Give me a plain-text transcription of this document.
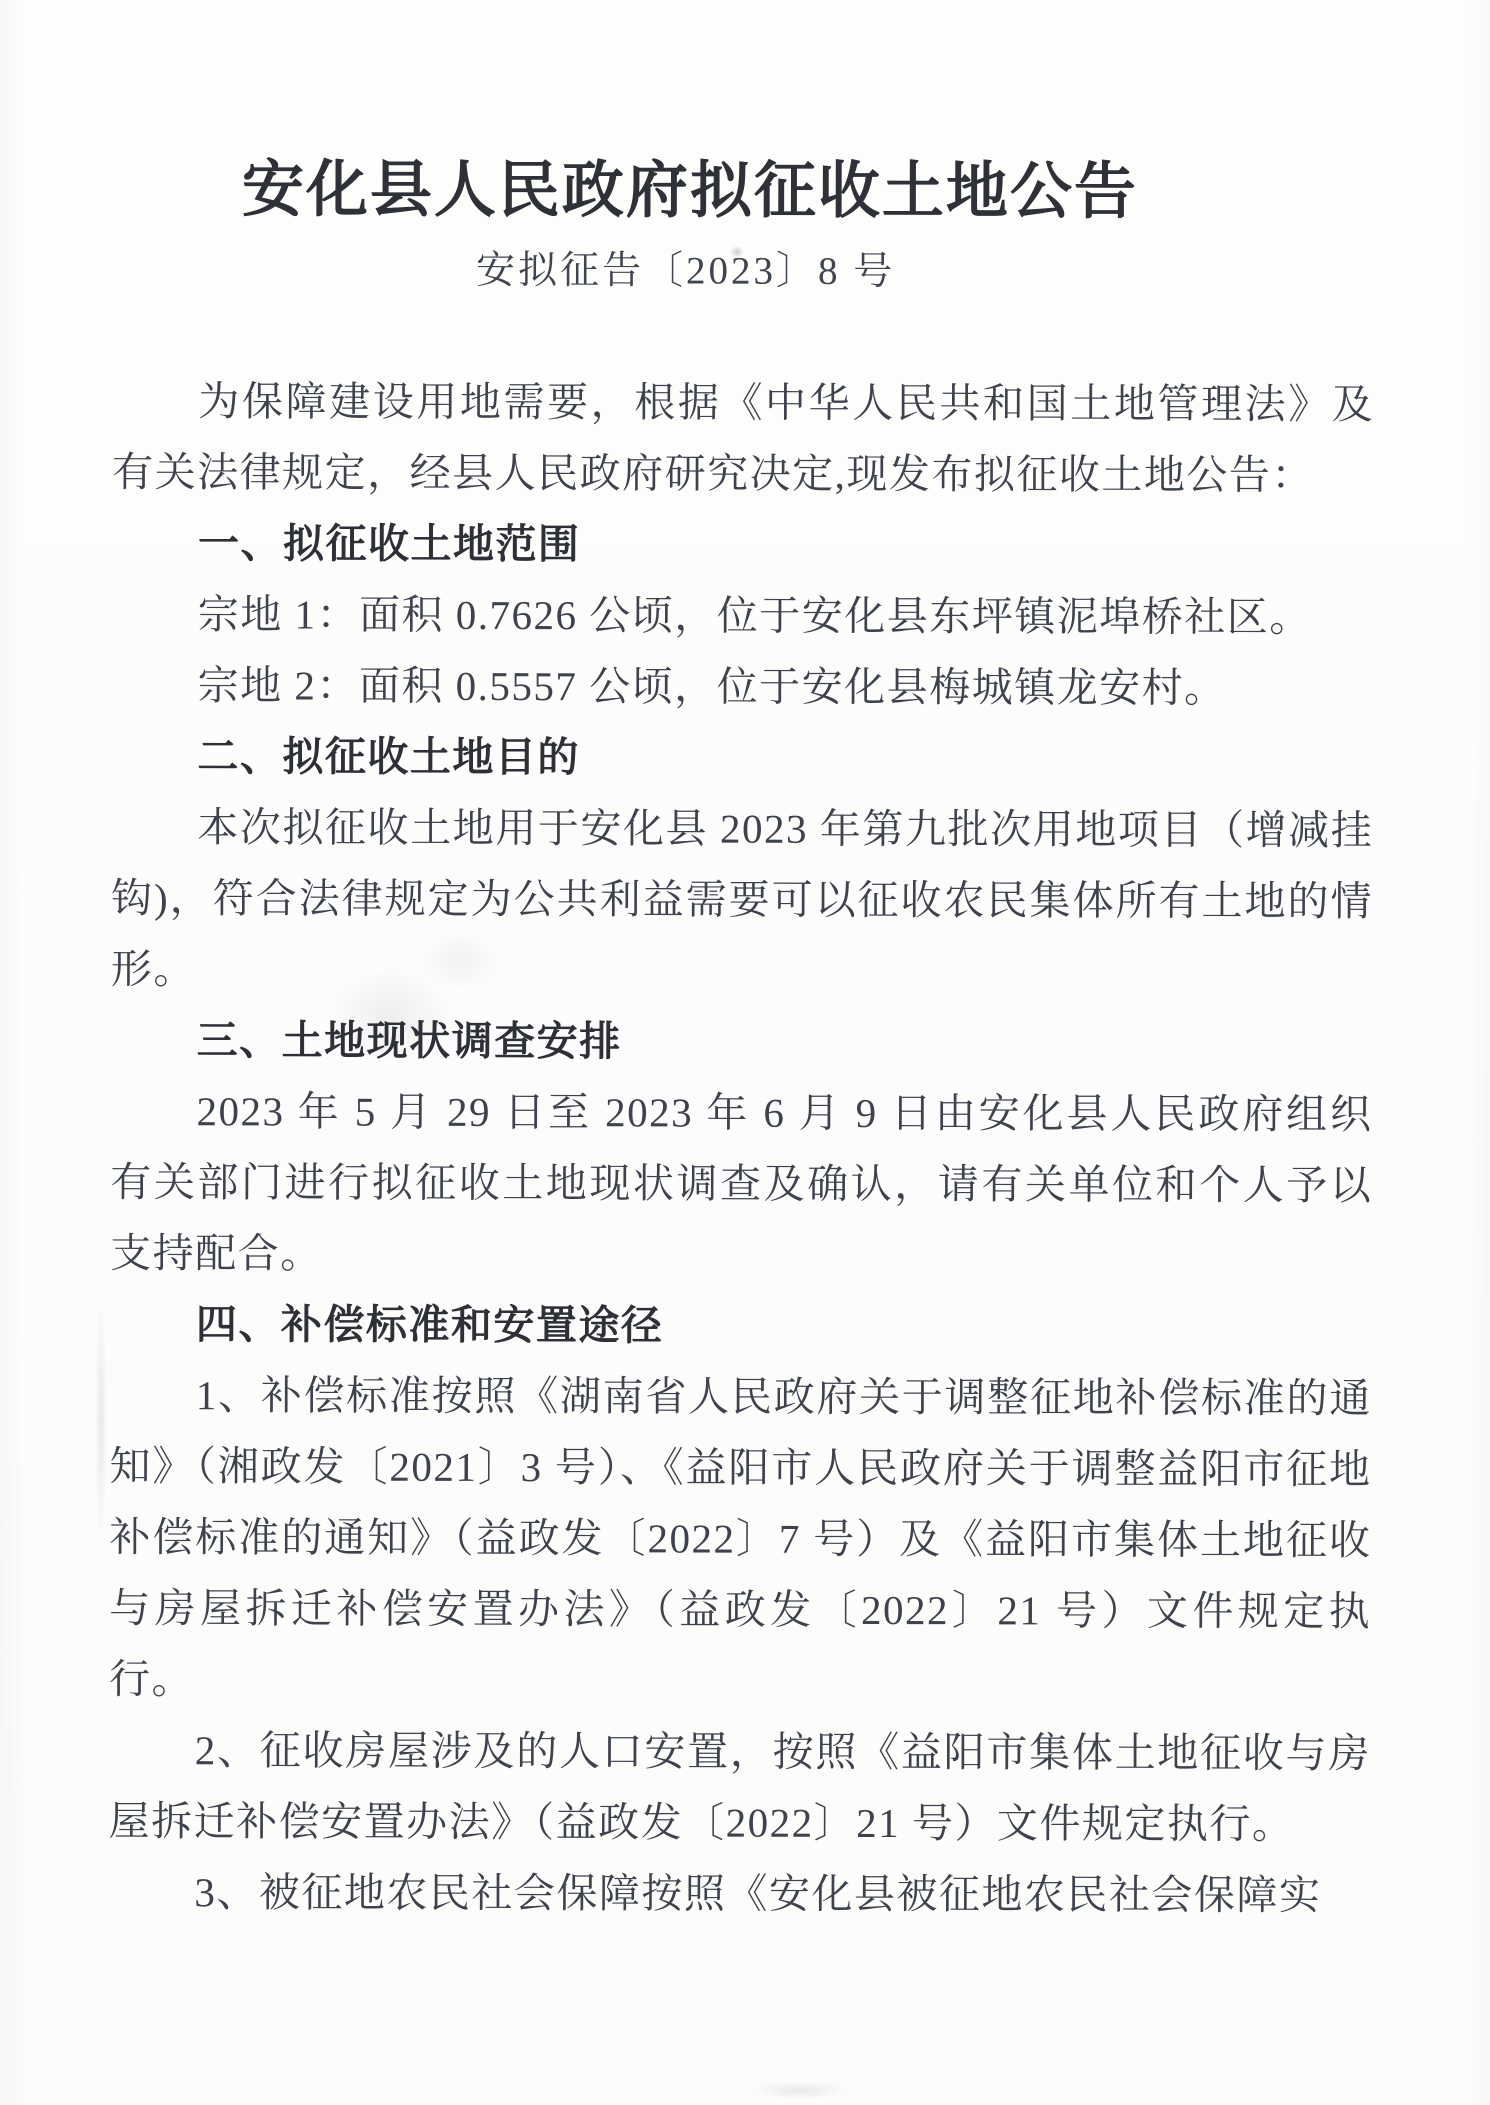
安化县人民政府拟征收土地公告
安拟征告〔2023〕8 号

为保障建设用地需要，根据《中华人民共和国土地管理法》及有关法律规定，经县人民政府研究决定,现发布拟征收土地公告：

一、拟征收土地范围

宗地 1：面积 0.7626 公顷，位于安化县东坪镇泥埠桥社区。

宗地 2：面积 0.5557 公顷，位于安化县梅城镇龙安村。

二、拟征收土地目的

本次拟征收土地用于安化县 2023 年第九批次用地项目（增减挂钩)，符合法律规定为公共利益需要可以征收农民集体所有土地的情形。

三、土地现状调查安排

2023 年 5 月 29 日至 2023 年 6 月 9 日由安化县人民政府组织有关部门进行拟征收土地现状调查及确认，请有关单位和个人予以支持配合。

四、补偿标准和安置途径

1、补偿标准按照《湖南省人民政府关于调整征地补偿标准的通知》（湘政发〔2021〕3 号）、《益阳市人民政府关于调整益阳市征地补偿标准的通知》（益政发〔2022〕7 号）及《益阳市集体土地征收与房屋拆迁补偿安置办法》（益政发〔2022〕21 号）文件规定执行。

2、征收房屋涉及的人口安置，按照《益阳市集体土地征收与房屋拆迁补偿安置办法》（益政发〔2022〕21 号）文件规定执行。

3、被征地农民社会保障按照《安化县被征地农民社会保障实
